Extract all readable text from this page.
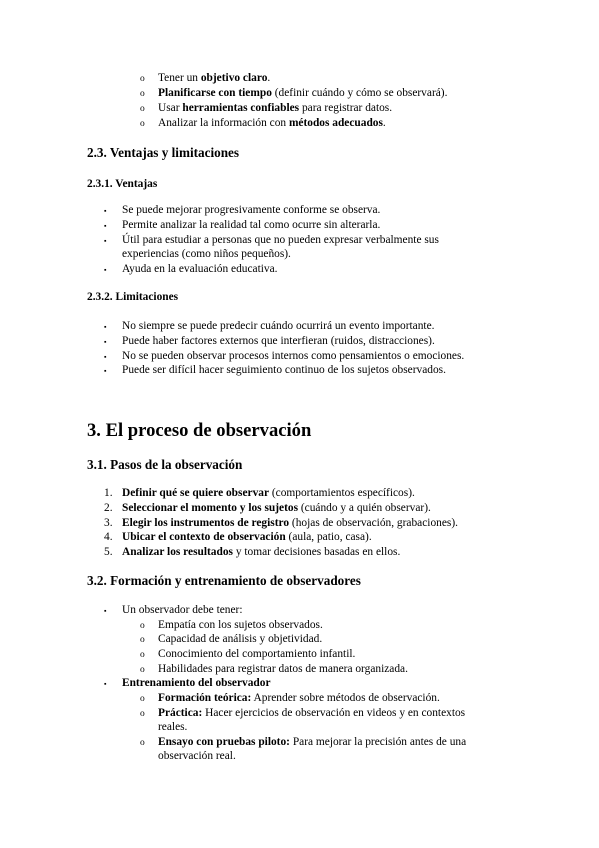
o Tener un objetivo claro.
o Planificarse con tiempo (definir cuándo y cómo se observará).
o Usar herramientas confiables para registrar datos.
o Analizar la información con métodos adecuados.
2.3. Ventajas y limitaciones
2.3.1. Ventajas
▪ Se puede mejorar progresivamente conforme se observa.
▪ Permite analizar la realidad tal como ocurre sin alterarla.
▪ Útil para estudiar a personas que no pueden expresar verbalmente sus
experiencias (como niños pequeños).
▪ Ayuda en la evaluación educativa.
2.3.2. Limitaciones
▪ No siempre se puede predecir cuándo ocurrirá un evento importante.
▪ Puede haber factores externos que interfieran (ruidos, distracciones).
▪ No se pueden observar procesos internos como pensamientos o emociones.
▪ Puede ser difícil hacer seguimiento continuo de los sujetos observados.
3. El proceso de observación
3.1. Pasos de la observación
1. Definir qué se quiere observar (comportamientos específicos).
2. Seleccionar el momento y los sujetos (cuándo y a quién observar).
3. Elegir los instrumentos de registro (hojas de observación, grabaciones).
4. Ubicar el contexto de observación (aula, patio, casa).
5. Analizar los resultados y tomar decisiones basadas en ellos.
3.2. Formación y entrenamiento de observadores
▪ Un observador debe tener:
o Empatía con los sujetos observados.
o Capacidad de análisis y objetividad.
o Conocimiento del comportamiento infantil.
o Habilidades para registrar datos de manera organizada.
▪ Entrenamiento del observador
o Formación teórica: Aprender sobre métodos de observación.
o Práctica: Hacer ejercicios de observación en videos y en contextos
reales.
o Ensayo con pruebas piloto: Para mejorar la precisión antes de una
observación real.
